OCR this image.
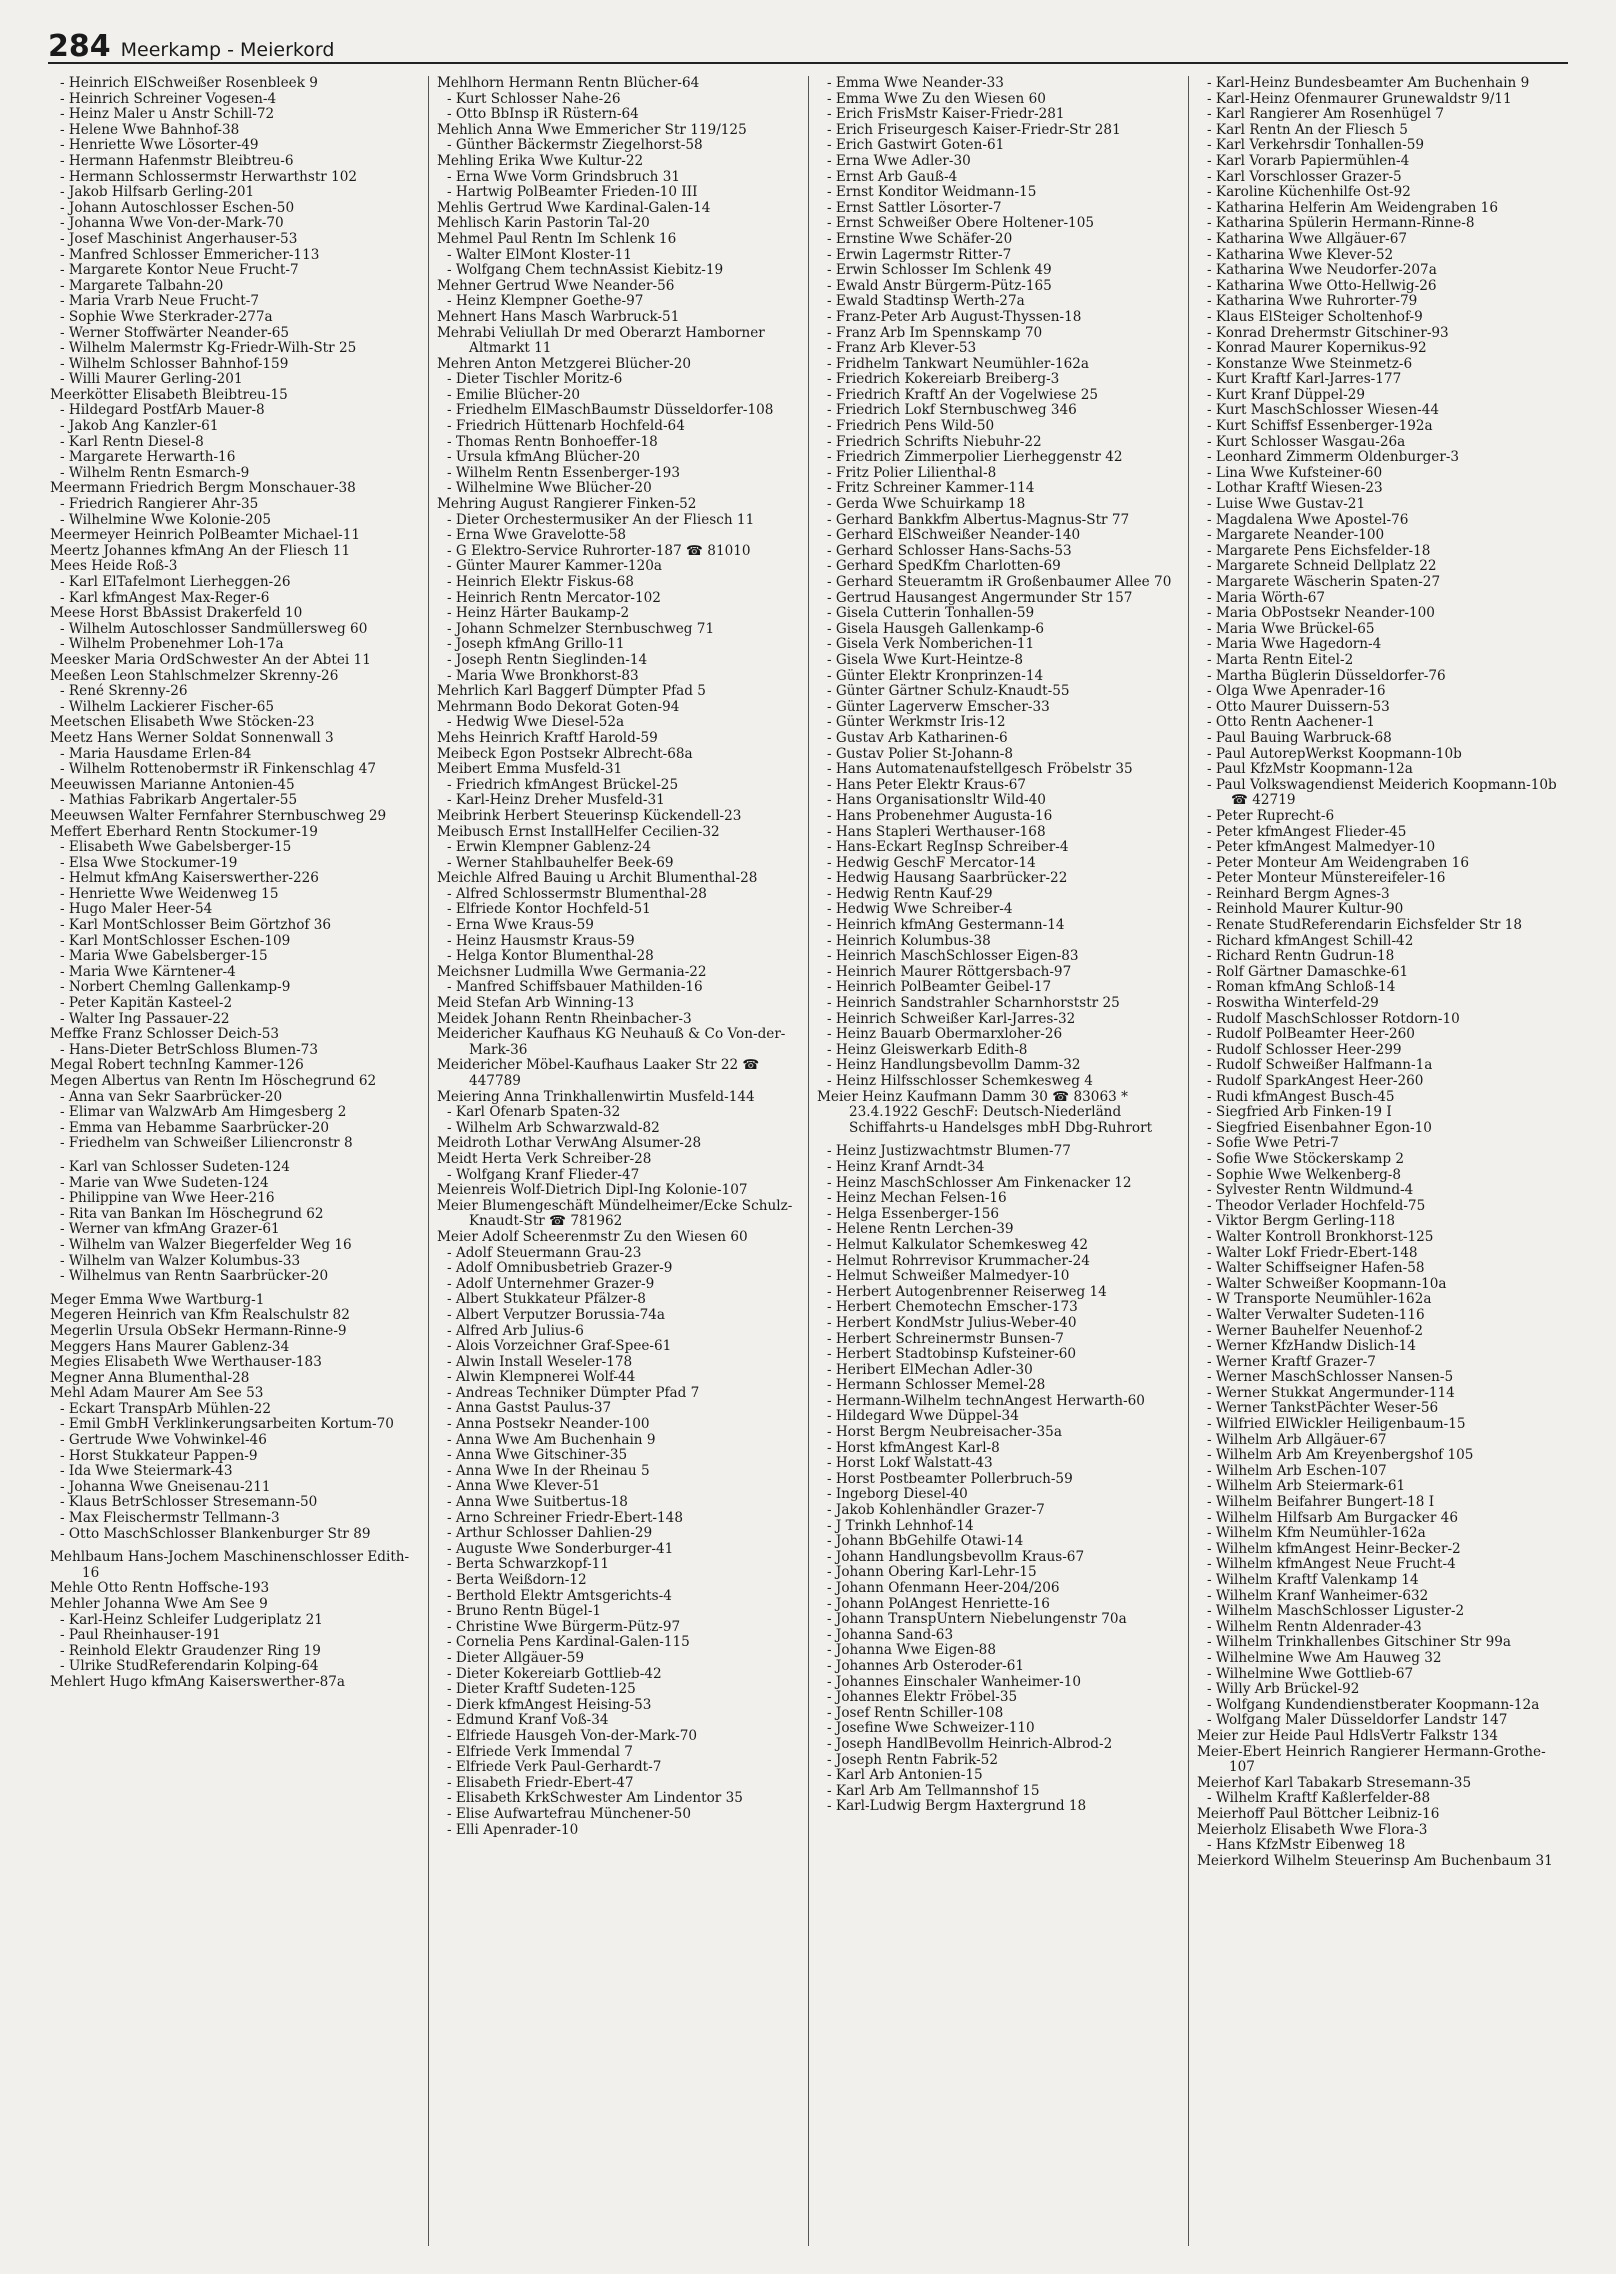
284 Meerkamp - Meierkord
- Heinrich ElSchweißer Rosenbleek 9
- Heinrich Schreiner Vogesen-4
- Heinz Maler u Anstr Schill-72
- Helene Wwe Bahnhof-38
- Henriette Wwe Lösorter-49
- Hermann Hafenmstr Bleibtreu-6
- Hermann Schlossermstr Herwarthstr 102
- Jakob Hilfsarb Gerling-201
- Johann Autoschlosser Eschen-50
- Johanna Wwe Von-der-Mark-70
- Josef Maschinist Angerhauser-53
- Manfred Schlosser Emmericher-113
- Margarete Kontor Neue Frucht-7
- Margarete Talbahn-20
- Maria Vrarb Neue Frucht-7
- Sophie Wwe Sterkrader-277a
- Werner Stoffwärter Neander-65
- Wilhelm Malermstr Kg-Friedr-Wilh-Str 25
- Wilhelm Schlosser Bahnhof-159
- Willi Maurer Gerling-201
Meerkötter Elisabeth Bleibtreu-15
- Hildegard PostfArb Mauer-8
- Jakob Ang Kanzler-61
- Karl Rentn Diesel-8
- Margarete Herwarth-16
- Wilhelm Rentn Esmarch-9
Meermann Friedrich Bergm Monschauer-38
- Friedrich Rangierer Ahr-35
- Wilhelmine Wwe Kolonie-205
Meermeyer Heinrich PolBeamter Michael-11
Meertz Johannes kfmAng An der Fliesch 11
Mees Heide Roß-3
- Karl ElTafelmont Lierheggen-26
- Karl kfmAngest Max-Reger-6
Meese Horst BbAssist Drakerfeld 10
- Wilhelm Autoschlosser Sandmüllersweg 60
- Wilhelm Probenehmer Loh-17a
Meesker Maria OrdSchwester An der Abtei 11
Meeßen Leon Stahlschmelzer Skrenny-26
- René Skrenny-26
- Wilhelm Lackierer Fischer-65
Meetschen Elisabeth Wwe Stöcken-23
Meetz Hans Werner Soldat Sonnenwall 3
- Maria Hausdame Erlen-84
- Wilhelm Rottenobermstr iR Finkenschlag 47
Meeuwissen Marianne Antonien-45
- Mathias Fabrikarb Angertaler-55
Meeuwsen Walter Fernfahrer Sternbuschweg 29
Meffert Eberhard Rentn Stockumer-19
- Elisabeth Wwe Gabelsberger-15
- Elsa Wwe Stockumer-19
- Helmut kfmAng Kaiserswerther-226
- Henriette Wwe Weidenweg 15
- Hugo Maler Heer-54
- Karl MontSchlosser Beim Görtzhof 36
- Karl MontSchlosser Eschen-109
- Maria Wwe Gabelsberger-15
- Maria Wwe Kärntener-4
- Norbert Chemlng Gallenkamp-9
- Peter Kapitän Kasteel-2
- Walter Ing Passauer-22
Meffke Franz Schlosser Deich-53
- Hans-Dieter BetrSchloss Blumen-73
Megal Robert technIng Kammer-126
Megen Albertus van Rentn Im Höschegrund 62
- Anna van Sekr Saarbrücker-20
- Elimar van WalzwArb Am Himgesberg 2
- Emma van Hebamme Saarbrücker-20
- Friedhelm van Schweißer Liliencronstr 8
- Karl van Schlosser Sudeten-124
- Marie van Wwe Sudeten-124
- Philippine van Wwe Heer-216
- Rita van Bankan Im Höschegrund 62
- Werner van kfmAng Grazer-61
- Wilhelm van Walzer Biegerfelder Weg 16
- Wilhelm van Walzer Kolumbus-33
- Wilhelmus van Rentn Saarbrücker-20
Meger Emma Wwe Wartburg-1
Megeren Heinrich van Kfm Realschulstr 82
Megerlin Ursula ObSekr Hermann-Rinne-9
Meggers Hans Maurer Gablenz-34
Megies Elisabeth Wwe Werthauser-183
Megner Anna Blumenthal-28
Mehl Adam Maurer Am See 53
- Eckart TranspArb Mühlen-22
- Emil GmbH Verklinkerungsarbeiten Kortum-70
- Gertrude Wwe Vohwinkel-46
- Horst Stukkateur Pappen-9
- Ida Wwe Steiermark-43
- Johanna Wwe Gneisenau-211
- Klaus BetrSchlosser Stresemann-50
- Max Fleischermstr Tellmann-3
- Otto MaschSchlosser Blankenburger Str 89
Mehlbaum Hans-Jochem Maschinenschlosser Edith-16
Mehle Otto Rentn Hoffsche-193
Mehler Johanna Wwe Am See 9
- Karl-Heinz Schleifer Ludgeriplatz 21
- Paul Rheinhauser-191
- Reinhold Elektr Graudenzer Ring 19
- Ulrike StudReferendarin Kolping-64
Mehlert Hugo kfmAng Kaiserswerther-87a
Mehlhorn Hermann Rentn Blücher-64
- Kurt Schlosser Nahe-26
- Otto BbInsp iR Rüstern-64
Mehlich Anna Wwe Emmericher Str 119/125
- Günther Bäckermstr Ziegelhorst-58
Mehling Erika Wwe Kultur-22
- Erna Wwe Vorm Grindsbruch 31
- Hartwig PolBeamter Frieden-10 III
Mehlis Gertrud Wwe Kardinal-Galen-14
Mehlisch Karin Pastorin Tal-20
Mehmel Paul Rentn Im Schlenk 16
- Walter ElMont Kloster-11
- Wolfgang Chem technAssist Kiebitz-19
Mehner Gertrud Wwe Neander-56
- Heinz Klempner Goethe-97
Mehnert Hans Masch Warbruck-51
Mehrabi Veliullah Dr med Oberarzt Hamborner Altmarkt 11
Mehren Anton Metzgerei Blücher-20
- Dieter Tischler Moritz-6
- Emilie Blücher-20
- Friedhelm ElMaschBaumstr Düsseldorfer-108
- Friedrich Hüttenarb Hochfeld-64
- Thomas Rentn Bonhoeffer-18
- Ursula kfmAng Blücher-20
- Wilhelm Rentn Essenberger-193
- Wilhelmine Wwe Blücher-20
Mehring August Rangierer Finken-52
- Dieter Orchestermusiker An der Fliesch 11
- Erna Wwe Gravelotte-58
- G Elektro-Service Ruhrorter-187 ☎ 81010
- Günter Maurer Kammer-120a
- Heinrich Elektr Fiskus-68
- Heinrich Rentn Mercator-102
- Heinz Härter Baukamp-2
- Johann Schmelzer Sternbuschweg 71
- Joseph kfmAng Grillo-11
- Joseph Rentn Sieglinden-14
- Maria Wwe Bronkhorst-83
Mehrlich Karl Baggerf Dümpter Pfad 5
Mehrmann Bodo Dekorat Goten-94
- Hedwig Wwe Diesel-52a
Mehs Heinrich Kraftf Harold-59
Meibeck Egon Postsekr Albrecht-68a
Meibert Emma Musfeld-31
- Friedrich kfmAngest Brückel-25
- Karl-Heinz Dreher Musfeld-31
Meibrink Herbert Steuerinsp Kückendell-23
Meibusch Ernst InstallHelfer Cecilien-32
- Erwin Klempner Gablenz-24
- Werner Stahlbauhelfer Beek-69
Meichle Alfred Bauing u Archit Blumenthal-28
- Alfred Schlossermstr Blumenthal-28
- Elfriede Kontor Hochfeld-51
- Erna Wwe Kraus-59
- Heinz Hausmstr Kraus-59
- Helga Kontor Blumenthal-28
Meichsner Ludmilla Wwe Germania-22
- Manfred Schiffsbauer Mathilden-16
Meid Stefan Arb Winning-13
Meidek Johann Rentn Rheinbacher-3
Meidericher Kaufhaus KG Neuhauß & Co Von-der-Mark-36
Meidericher Möbel-Kaufhaus Laaker Str 22 ☎ 447789
Meiering Anna Trinkhallenwirtin Musfeld-144
- Karl Ofenarb Spaten-32
- Wilhelm Arb Schwarzwald-82
Meidroth Lothar VerwAng Alsumer-28
Meidt Herta Verk Schreiber-28
- Wolfgang Kranf Flieder-47
Meienreis Wolf-Dietrich Dipl-Ing Kolonie-107
Meier Blumengeschäft Mündelheimer/Ecke Schulz-Knaudt-Str ☎ 781962
Meier Adolf Scheerenmstr Zu den Wiesen 60
- Adolf Steuermann Grau-23
- Adolf Omnibusbetrieb Grazer-9
- Adolf Unternehmer Grazer-9
- Albert Stukkateur Pfälzer-8
- Albert Verputzer Borussia-74a
- Alfred Arb Julius-6
- Alois Vorzeichner Graf-Spee-61
- Alwin Install Weseler-178
- Alwin Klempnerei Wolf-44
- Andreas Techniker Dümpter Pfad 7
- Anna Gastst Paulus-37
- Anna Postsekr Neander-100
- Anna Wwe Am Buchenhain 9
- Anna Wwe Gitschiner-35
- Anna Wwe In der Rheinau 5
- Anna Wwe Klever-51
- Anna Wwe Suitbertus-18
- Arno Schreiner Friedr-Ebert-148
- Arthur Schlosser Dahlien-29
- Auguste Wwe Sonderburger-41
- Berta Schwarzkopf-11
- Berta Weißdorn-12
- Berthold Elektr Amtsgerichts-4
- Bruno Rentn Bügel-1
- Christine Wwe Bürgerm-Pütz-97
- Cornelia Pens Kardinal-Galen-115
- Dieter Allgäuer-59
- Dieter Kokereiarb Gottlieb-42
- Dieter Kraftf Sudeten-125
- Dierk kfmAngest Heising-53
- Edmund Kranf Voß-34
- Elfriede Hausgeh Von-der-Mark-70
- Elfriede Verk Immendal 7
- Elfriede Verk Paul-Gerhardt-7
- Elisabeth Friedr-Ebert-47
- Elisabeth KrkSchwester Am Lindentor 35
- Elise Aufwartefrau Münchener-50
- Elli Apenrader-10
- Emma Wwe Neander-33
- Emma Wwe Zu den Wiesen 60
- Erich FrisMstr Kaiser-Friedr-281
- Erich Friseurgesch Kaiser-Friedr-Str 281
- Erich Gastwirt Goten-61
- Erna Wwe Adler-30
- Ernst Arb Gauß-4
- Ernst Konditor Weidmann-15
- Ernst Sattler Lösorter-7
- Ernst Schweißer Obere Holtener-105
- Ernstine Wwe Schäfer-20
- Erwin Lagermstr Ritter-7
- Erwin Schlosser Im Schlenk 49
- Ewald Anstr Bürgerm-Pütz-165
- Ewald Stadtinsp Werth-27a
- Franz-Peter Arb August-Thyssen-18
- Franz Arb Im Spennskamp 70
- Franz Arb Klever-53
- Fridhelm Tankwart Neumühler-162a
- Friedrich Kokereiarb Breiberg-3
- Friedrich Kraftf An der Vogelwiese 25
- Friedrich Lokf Sternbuschweg 346
- Friedrich Pens Wild-50
- Friedrich Schrifts Niebuhr-22
- Friedrich Zimmerpolier Lierheggenstr 42
- Fritz Polier Lilienthal-8
- Fritz Schreiner Kammer-114
- Gerda Wwe Schuirkamp 18
- Gerhard Bankkfm Albertus-Magnus-Str 77
- Gerhard ElSchweißer Neander-140
- Gerhard Schlosser Hans-Sachs-53
- Gerhard SpedKfm Charlotten-69
- Gerhard Steueramtm iR Großenbaumer Allee 70
- Gertrud Hausangest Angermunder Str 157
- Gisela Cutterin Tonhallen-59
- Gisela Hausgeh Gallenkamp-6
- Gisela Verk Nomberichen-11
- Gisela Wwe Kurt-Heintze-8
- Günter Elektr Kronprinzen-14
- Günter Gärtner Schulz-Knaudt-55
- Günter Lagerverw Emscher-33
- Günter Werkmstr Iris-12
- Gustav Arb Katharinen-6
- Gustav Polier St-Johann-8
- Hans Automatenaufstellgesch Fröbelstr 35
- Hans Peter Elektr Kraus-67
- Hans Organisationsltr Wild-40
- Hans Probenehmer Augusta-16
- Hans Stapleri Werthauser-168
- Hans-Eckart RegInsp Schreiber-4
- Hedwig GeschF Mercator-14
- Hedwig Hausang Saarbrücker-22
- Hedwig Rentn Kauf-29
- Hedwig Wwe Schreiber-4
- Heinrich kfmAng Gestermann-14
- Heinrich Kolumbus-38
- Heinrich MaschSchlosser Eigen-83
- Heinrich Maurer Röttgersbach-97
- Heinrich PolBeamter Geibel-17
- Heinrich Sandstrahler Scharnhorststr 25
- Heinrich Schweißer Karl-Jarres-32
- Heinz Bauarb Obermarxloher-26
- Heinz Gleiswerkarb Edith-8
- Heinz Handlungsbevollm Damm-32
- Heinz Hilfsschlosser Schemkesweg 4
Meier Heinz Kaufmann Damm 30 ☎ 83063 * 23.4.1922 GeschF: Deutsch-Niederländ Schiffahrts-u Handelsges mbH Dbg-Ruhrort
- Heinz Justizwachtmstr Blumen-77
- Heinz Kranf Arndt-34
- Heinz MaschSchlosser Am Finkenacker 12
- Heinz Mechan Felsen-16
- Helga Essenberger-156
- Helene Rentn Lerchen-39
- Helmut Kalkulator Schemkesweg 42
- Helmut Rohrrevisor Krummacher-24
- Helmut Schweißer Malmedyer-10
- Herbert Autogenbrenner Reiserweg 14
- Herbert Chemotechn Emscher-173
- Herbert KondMstr Julius-Weber-40
- Herbert Schreinermstr Bunsen-7
- Herbert Stadtobinsp Kufsteiner-60
- Heribert ElMechan Adler-30
- Hermann Schlosser Memel-28
- Hermann-Wilhelm technAngest Herwarth-60
- Hildegard Wwe Düppel-34
- Horst Bergm Neubreisacher-35a
- Horst kfmAngest Karl-8
- Horst Lokf Walstatt-43
- Horst Postbeamter Pollerbruch-59
- Ingeborg Diesel-40
- Jakob Kohlenhändler Grazer-7
- J Trinkh Lehnhof-14
- Johann BbGehilfe Otawi-14
- Johann Handlungsbevollm Kraus-67
- Johann Obering Karl-Lehr-15
- Johann Ofenmann Heer-204/206
- Johann PolAngest Henriette-16
- Johann TranspUntern Niebelungenstr 70a
- Johanna Sand-63
- Johanna Wwe Eigen-88
- Johannes Arb Osteroder-61
- Johannes Einschaler Wanheimer-10
- Johannes Elektr Fröbel-35
- Josef Rentn Schiller-108
- Josefine Wwe Schweizer-110
- Joseph HandlBevollm Heinrich-Albrod-2
- Joseph Rentn Fabrik-52
- Karl Arb Antonien-15
- Karl Arb Am Tellmannshof 15
- Karl-Ludwig Bergm Haxtergrund 18
- Karl-Heinz Bundesbeamter Am Buchenhain 9
- Karl-Heinz Ofenmaurer Grunewaldstr 9/11
- Karl Rangierer Am Rosenhügel 7
- Karl Rentn An der Fliesch 5
- Karl Verkehrsdir Tonhallen-59
- Karl Vorarb Papiermühlen-4
- Karl Vorschlosser Grazer-5
- Karoline Küchenhilfe Ost-92
- Katharina Helferin Am Weidengraben 16
- Katharina Spülerin Hermann-Rinne-8
- Katharina Wwe Allgäuer-67
- Katharina Wwe Klever-52
- Katharina Wwe Neudorfer-207a
- Katharina Wwe Otto-Hellwig-26
- Katharina Wwe Ruhrorter-79
- Klaus ElSteiger Scholtenhof-9
- Konrad Drehermstr Gitschiner-93
- Konrad Maurer Kopernikus-92
- Konstanze Wwe Steinmetz-6
- Kurt Kraftf Karl-Jarres-177
- Kurt Kranf Düppel-29
- Kurt MaschSchlosser Wiesen-44
- Kurt Schiffsf Essenberger-192a
- Kurt Schlosser Wasgau-26a
- Leonhard Zimmerm Oldenburger-3
- Lina Wwe Kufsteiner-60
- Lothar Kraftf Wiesen-23
- Luise Wwe Gustav-21
- Magdalena Wwe Apostel-76
- Margarete Neander-100
- Margarete Pens Eichsfelder-18
- Margarete Schneid Dellplatz 22
- Margarete Wäscherin Spaten-27
- Maria Wörth-67
- Maria ObPostsekr Neander-100
- Maria Wwe Brückel-65
- Maria Wwe Hagedorn-4
- Marta Rentn Eitel-2
- Martha Büglerin Düsseldorfer-76
- Olga Wwe Apenrader-16
- Otto Maurer Duissern-53
- Otto Rentn Aachener-1
- Paul Bauing Warbruck-68
- Paul AutorepWerkst Koopmann-10b
- Paul KfzMstr Koopmann-12a
- Paul Volkswagendienst Meiderich Koopmann-10b ☎ 42719
- Peter Ruprecht-6
- Peter kfmAngest Flieder-45
- Peter kfmAngest Malmedyer-10
- Peter Monteur Am Weidengraben 16
- Peter Monteur Münstereifeler-16
- Reinhard Bergm Agnes-3
- Reinhold Maurer Kultur-90
- Renate StudReferendarin Eichsfelder Str 18
- Richard kfmAngest Schill-42
- Richard Rentn Gudrun-18
- Rolf Gärtner Damaschke-61
- Roman kfmAng Schloß-14
- Roswitha Winterfeld-29
- Rudolf MaschSchlosser Rotdorn-10
- Rudolf PolBeamter Heer-260
- Rudolf Schlosser Heer-299
- Rudolf Schweißer Halfmann-1a
- Rudolf SparkAngest Heer-260
- Rudi kfmAngest Busch-45
- Siegfried Arb Finken-19 I
- Siegfried Eisenbahner Egon-10
- Sofie Wwe Petri-7
- Sofie Wwe Stöckerskamp 2
- Sophie Wwe Welkenberg-8
- Sylvester Rentn Wildmund-4
- Theodor Verlader Hochfeld-75
- Viktor Bergm Gerling-118
- Walter Kontroll Bronkhorst-125
- Walter Lokf Friedr-Ebert-148
- Walter Schiffseigner Hafen-58
- Walter Schweißer Koopmann-10a
- W Transporte Neumühler-162a
- Walter Verwalter Sudeten-116
- Werner Bauhelfer Neuenhof-2
- Werner KfzHandw Dislich-14
- Werner Kraftf Grazer-7
- Werner MaschSchlosser Nansen-5
- Werner Stukkat Angermunder-114
- Werner TankstPächter Weser-56
- Wilfried ElWickler Heiligenbaum-15
- Wilhelm Arb Allgäuer-67
- Wilhelm Arb Am Kreyenbergshof 105
- Wilhelm Arb Eschen-107
- Wilhelm Arb Steiermark-61
- Wilhelm Beifahrer Bungert-18 I
- Wilhelm Hilfsarb Am Burgacker 46
- Wilhelm Kfm Neumühler-162a
- Wilhelm kfmAngest Heinr-Becker-2
- Wilhelm kfmAngest Neue Frucht-4
- Wilhelm Kraftf Valenkamp 14
- Wilhelm Kranf Wanheimer-632
- Wilhelm MaschSchlosser Liguster-2
- Wilhelm Rentn Aldenrader-43
- Wilhelm Trinkhallenbes Gitschiner Str 99a
- Wilhelmine Wwe Am Hauweg 32
- Wilhelmine Wwe Gottlieb-67
- Willy Arb Brückel-92
- Wolfgang Kundendienstberater Koopmann-12a
- Wolfgang Maler Düsseldorfer Landstr 147
Meier zur Heide Paul HdlsVertr Falkstr 134
Meier-Ebert Heinrich Rangierer Hermann-Grothe-107
Meierhof Karl Tabakarb Stresemann-35
- Wilhelm Kraftf Kaßlerfelder-88
Meierhoff Paul Böttcher Leibniz-16
Meierholz Elisabeth Wwe Flora-3
- Hans KfzMstr Eibenweg 18
Meierkord Wilhelm Steuerinsp Am Buchenbaum 31
